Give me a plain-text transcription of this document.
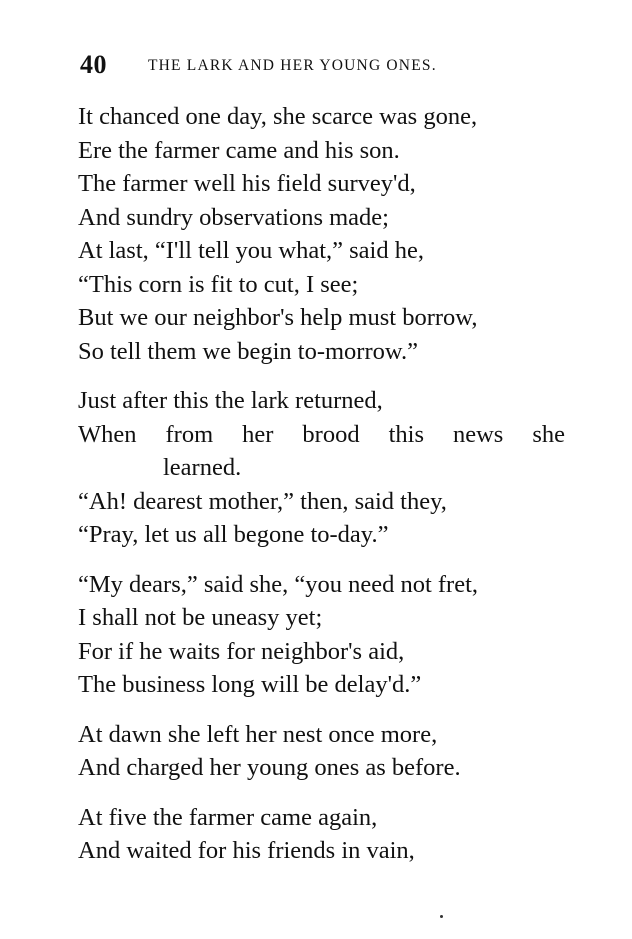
40	THE LARK AND HER YOUNG ONES.
It chanced one day, she scarce was gone,
Ere the farmer came and his son.
The farmer well his field survey'd,
And sundry observations made;
At last, “I'll tell you what,” said he,
“This corn is fit to cut, I see;
But we our neighbor's help must borrow,
So tell them we begin to-morrow.”
Just after this the lark returned,
When from her brood this news she
learned.
“Ah! dearest mother,” then, said they,
“Pray, let us all begone to-day.”
“My dears,” said she, “you need not fret,
I shall not be uneasy yet;
For if he waits for neighbor's aid,
The business long will be delay'd.”
At dawn she left her nest once more,
And charged her young ones as before.
At five the farmer came again,
And waited for his friends in vain,
